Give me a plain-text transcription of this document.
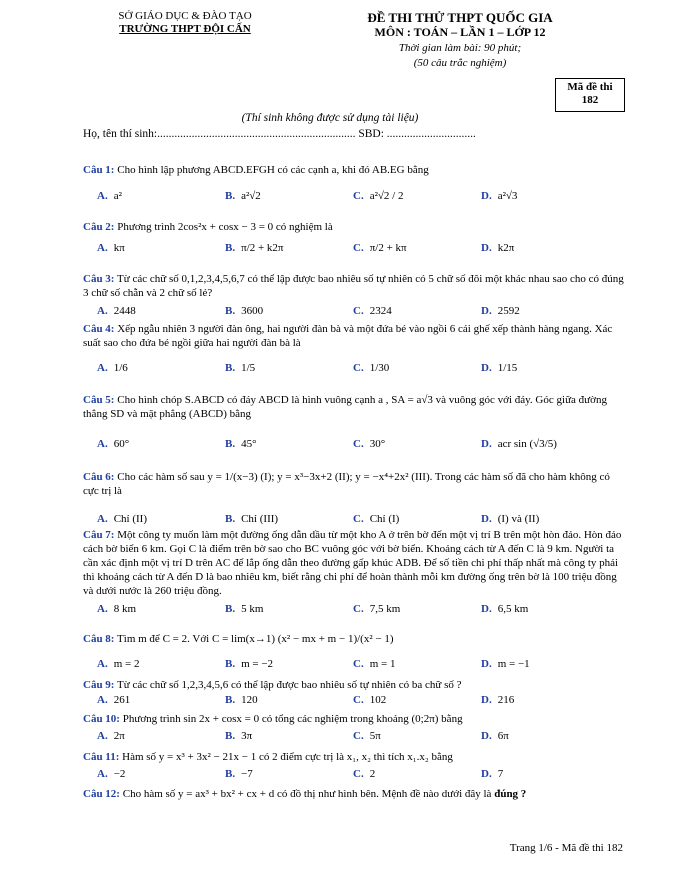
SỞ GIÁO DỤC & ĐÀO TẠO
TRƯỜNG THPT ĐỘI CẤN
ĐỀ THI THỬ THPT QUỐC GIA
MÔN : TOÁN – LẦN 1 – LỚP 12
Thời gian làm bài: 90 phút;
(50 câu trắc nghiệm)
Mã đề thi
182
(Thí sinh không được sử dụng tài liệu)
Họ, tên thí sinh:..................................................................... SBD: ...............................
Câu 1: Cho hình lập phương ABCD.EFGH có các cạnh a, khi đó AB.EG bằng
A. a²	B. a²√2	C. a²√2 / 2	D. a²√3
Câu 2: Phương trình 2cos²x + cosx − 3 = 0 có nghiệm là
A. kπ	B. π/2 + k2π	C. π/2 + kπ	D. k2π
Câu 3: Từ các chữ số 0,1,2,3,4,5,6,7 có thể lập được bao nhiêu số tự nhiên có 5 chữ số đôi một khác nhau sao cho có đúng 3 chữ số chẵn và 2 chữ số lẻ?
A. 2448	B. 3600	C. 2324	D. 2592
Câu 4: Xếp ngẫu nhiên 3 người đàn ông, hai người đàn bà và một đứa bé vào ngồi 6 cái ghế xếp thành hàng ngang. Xác suất sao cho đứa bé ngồi giữa hai người đàn bà là
A. 1/6	B. 1/5	C. 1/30	D. 1/15
Câu 5: Cho hình chóp S.ABCD có đáy ABCD là hình vuông cạnh a , SA = a√3 và vuông góc với đáy. Góc giữa đường thẳng SD và mặt phẳng (ABCD) bằng
A. 60°	B. 45°	C. 30°	D. acr sin (√3/5)
Câu 6: Cho các hàm số sau y = 1/(x−3) (I); y = x³−3x+2 (II); y = −x⁴+2x² (III). Trong các hàm số đã cho hàm không có cực trị là
A. Chỉ (II)	B. Chỉ (III)	C. Chỉ (I)	D. (I) và (II)
Câu 7: Một công ty muốn làm một đường ống dẫn dầu từ một kho A ở trên bờ đến một vị trí B trên một hòn đảo. Hòn đảo cách bờ biển 6 km. Gọi C là điểm trên bờ sao cho BC vuông góc với bờ biển. Khoảng cách từ A đến C là 9 km. Người ta cần xác định một vị trí D trên AC để lắp ống dẫn theo đường gấp khúc ADB. Để số tiền chi phí thấp nhất mà công ty phải thì khoảng cách từ A đến D là bao nhiêu km, biết rằng chi phí để hoàn thành mỗi km đường ống trên bờ là 100 triệu đồng và dưới nước là 260 triệu đồng.
A. 8 km	B. 5 km	C. 7,5 km	D. 6,5 km
Câu 8: Tìm m để C = 2. Với C = lim(x→1) (x² − mx + m − 1)/(x² − 1)
A. m = 2	B. m = −2	C. m = 1	D. m = −1
Câu 9: Từ các chữ số 1,2,3,4,5,6 có thể lập được bao nhiêu số tự nhiên có ba chữ số ?
A. 261	B. 120	C. 102	D. 216
Câu 10: Phương trình sin 2x + cosx = 0 có tổng các nghiệm trong khoảng (0;2π) bằng
A. 2π	B. 3π	C. 5π	D. 6π
Câu 11: Hàm số y = x³ + 3x² − 21x − 1 có 2 điểm cực trị là x₁, x₂ thì tích x₁.x₂ bằng
A. −2	B. −7	C. 2	D. 7
Câu 12: Cho hàm số y = ax³ + bx² + cx + d có đồ thị như hình bên. Mệnh đề nào dưới đây là đúng ?
Trang 1/6 - Mã đề thi 182
